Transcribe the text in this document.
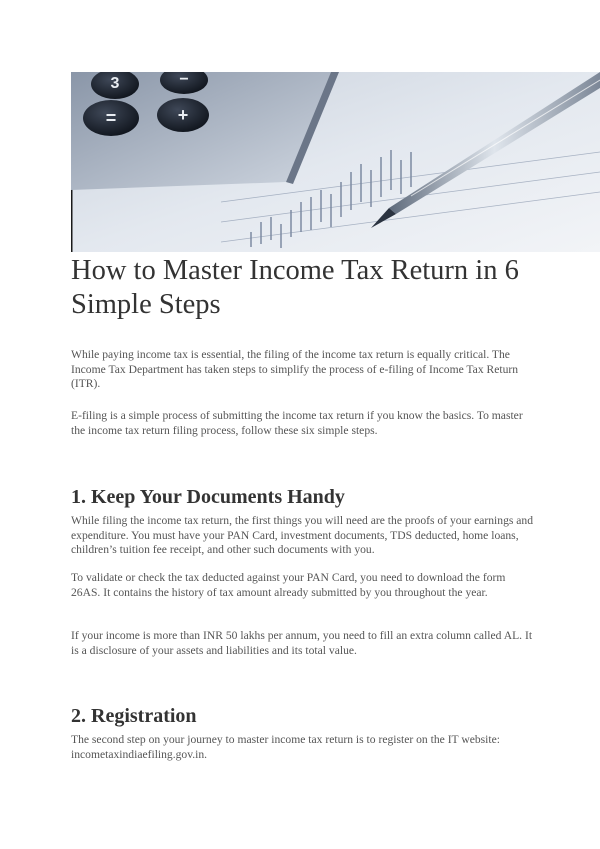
3	−
=	+
How to Master Income Tax Return in 6 Simple Steps

While paying income tax is essential, the filing of the income tax return is equally critical. The Income Tax Department has taken steps to simplify the process of e-filing of Income Tax Return (ITR).

E-filing is a simple process of submitting the income tax return if you know the basics. To master the income tax return filing process, follow these six simple steps.

1. Keep Your Documents Handy

While filing the income tax return, the first things you will need are the proofs of your earnings and expenditure. You must have your PAN Card, investment documents, TDS deducted, home loans, children’s tuition fee receipt, and other such documents with you.

To validate or check the tax deducted against your PAN Card, you need to download the form 26AS. It contains the history of tax amount already submitted by you throughout the year.

If your income is more than INR 50 lakhs per annum, you need to fill an extra column called AL. It is a disclosure of your assets and liabilities and its total value.

2. Registration

The second step on your journey to master income tax return is to register on the IT website: incometaxindiaefiling.gov.in.
